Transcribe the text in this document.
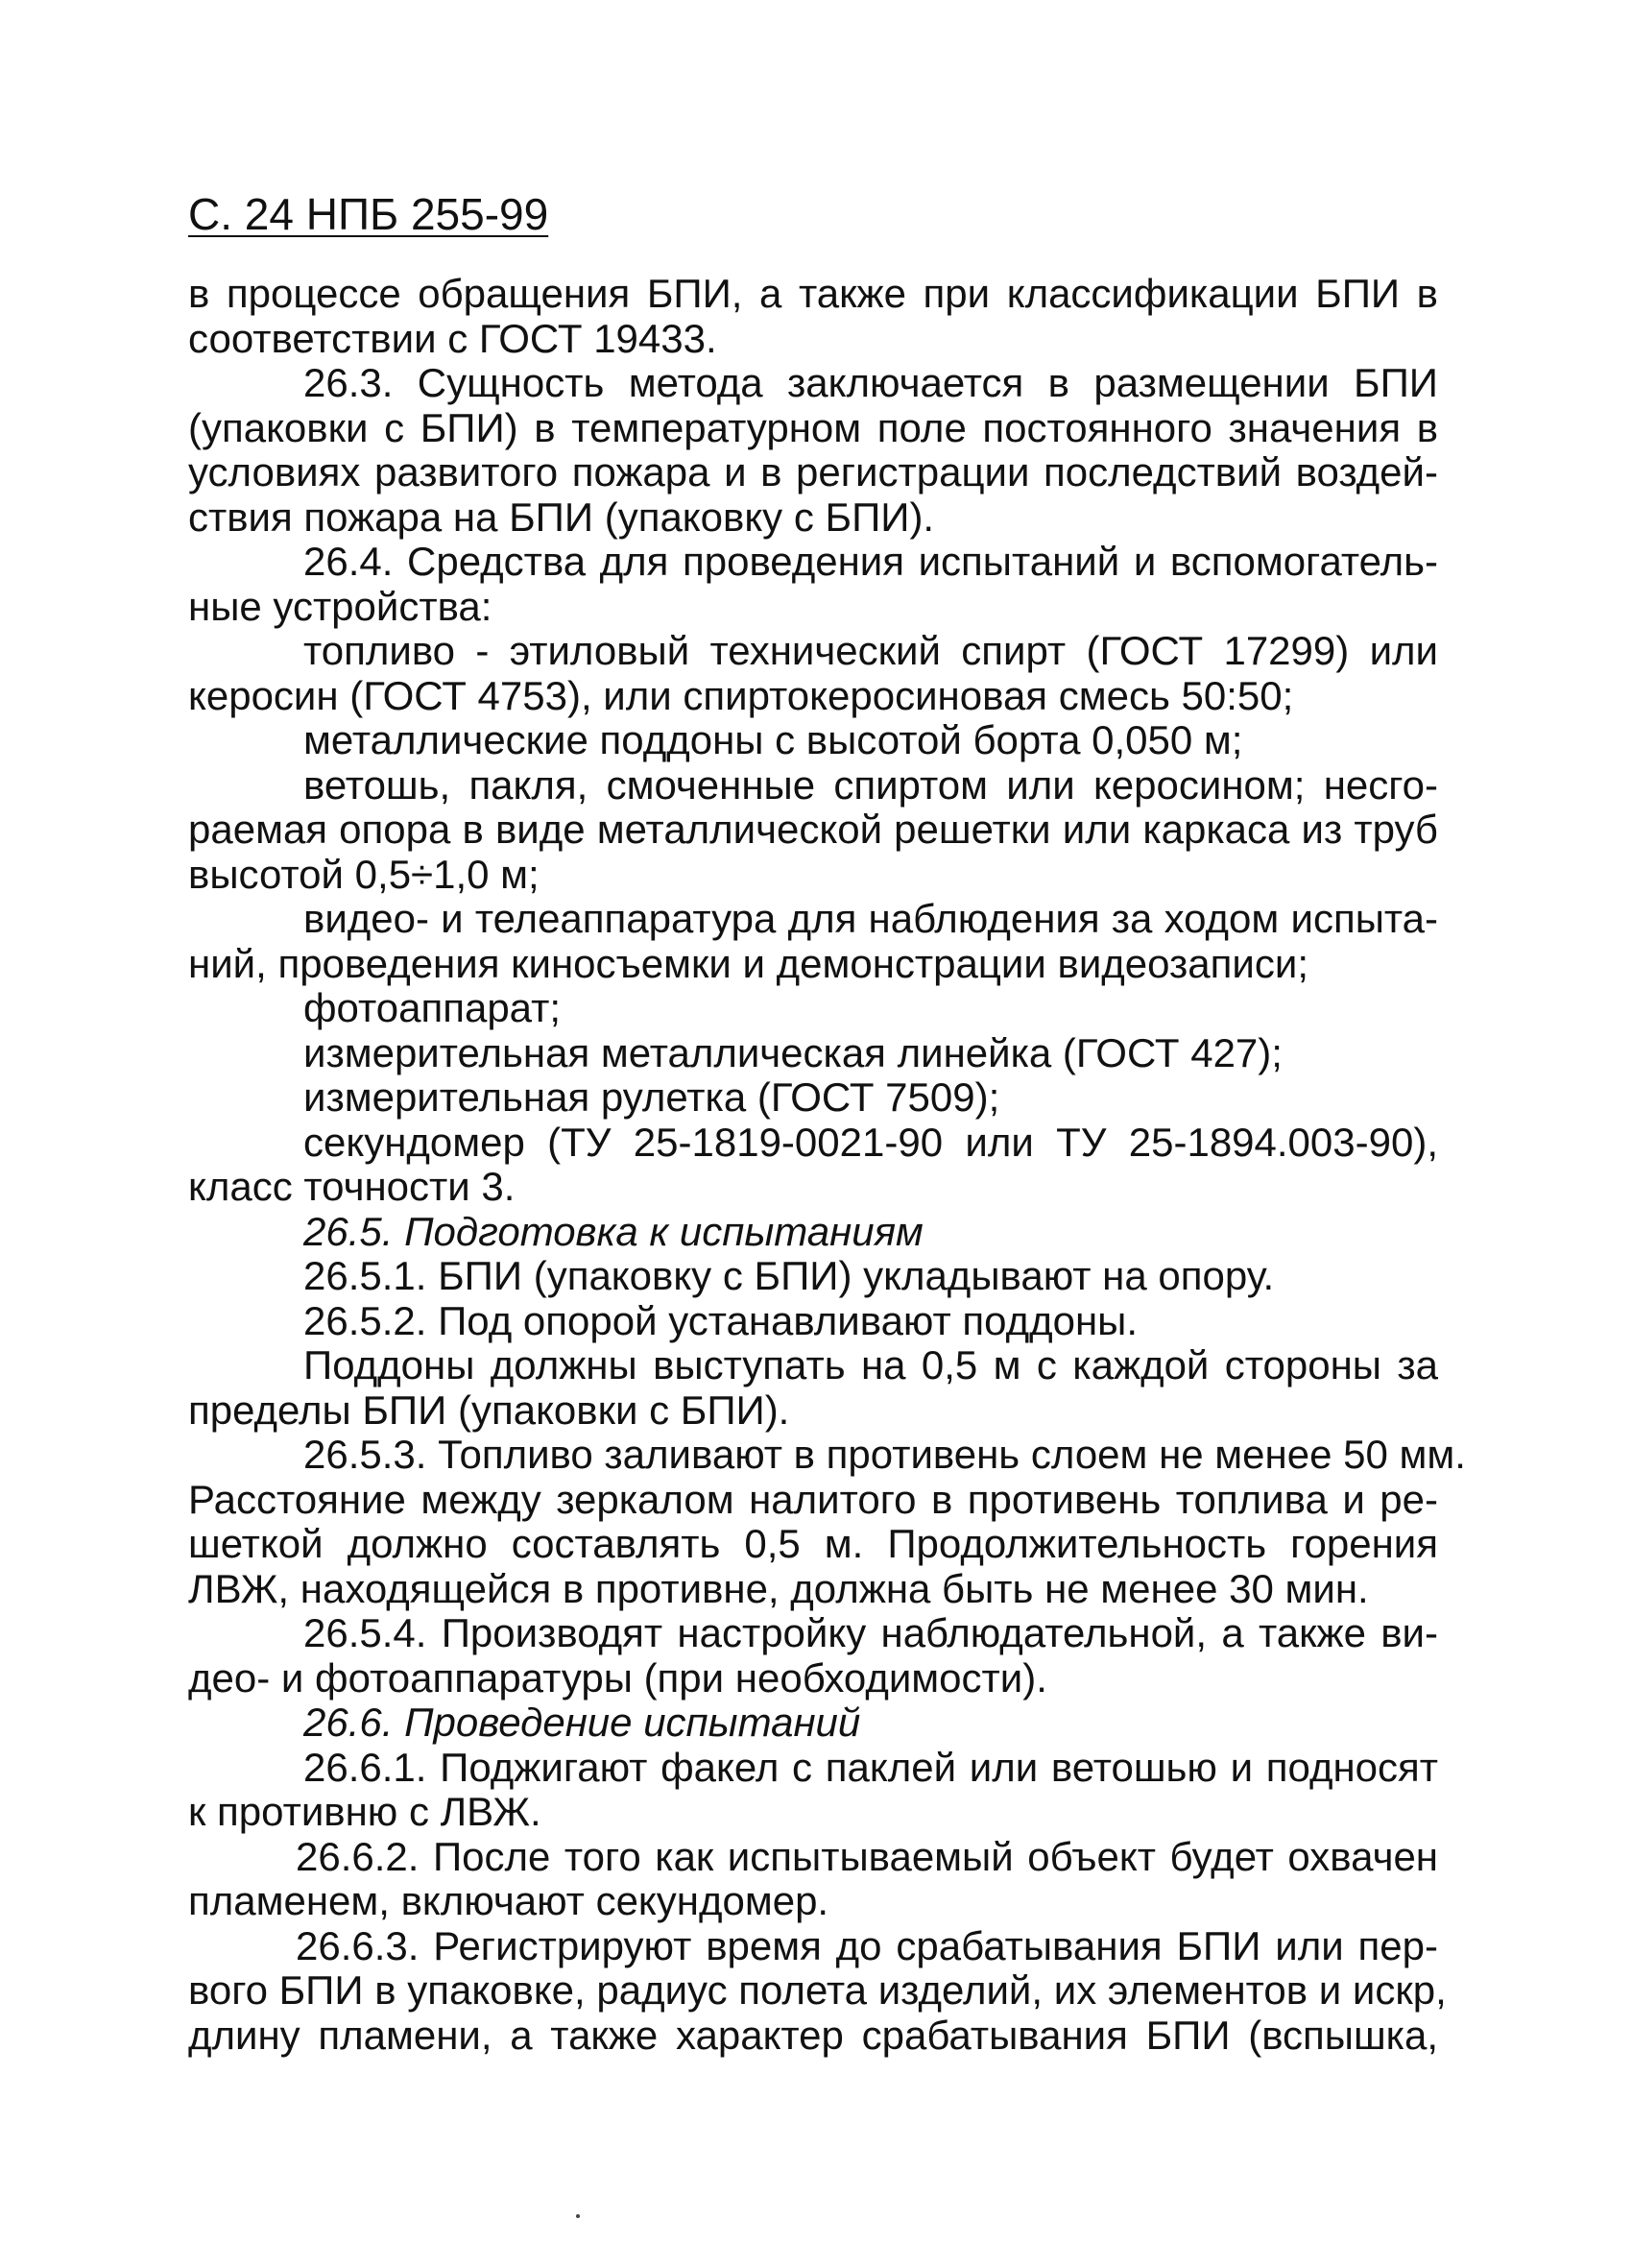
С. 24 НПБ 255-99
в процессе обращения БПИ, а также при классификации БПИ в
соответствии с ГОСТ 19433.
26.3. Сущность метода заключается в размещении БПИ
(упаковки с БПИ) в температурном поле постоянного значения в
условиях развитого пожара и в регистрации последствий воздей-
ствия пожара на БПИ (упаковку с БПИ).
26.4. Средства для проведения испытаний и вспомогатель-
ные устройства:
топливо - этиловый технический спирт (ГОСТ 17299) или
керосин (ГОСТ 4753), или спиртокеросиновая смесь 50:50;
металлические поддоны с высотой борта 0,050 м;
ветошь, пакля, смоченные спиртом или керосином; несго-
раемая опора в виде металлической решетки или каркаса из труб
высотой 0,5÷1,0 м;
видео- и телеаппаратура для наблюдения за ходом испыта-
ний, проведения киносъемки и демонстрации видеозаписи;
фотоаппарат;
измерительная металлическая линейка (ГОСТ 427);
измерительная рулетка (ГОСТ 7509);
секундомер (ТУ 25-1819-0021-90 или ТУ 25-1894.003-90),
класс точности 3.
26.5. Подготовка к испытаниям
26.5.1. БПИ (упаковку с БПИ) укладывают на опору.
26.5.2. Под опорой устанавливают поддоны.
Поддоны должны выступать на 0,5 м с каждой стороны за
пределы БПИ (упаковки с БПИ).
26.5.3. Топливо заливают в противень слоем не менее 50 мм.
Расстояние между зеркалом налитого в противень топлива и ре-
шеткой должно составлять 0,5 м. Продолжительность горения
ЛВЖ, находящейся в противне, должна быть не менее 30 мин.
26.5.4. Производят настройку наблюдательной, а также ви-
део- и фотоаппаратуры (при необходимости).
26.6. Проведение испытаний
26.6.1. Поджигают факел с паклей или ветошью и подносят
к противню с ЛВЖ.
26.6.2. После того как испытываемый объект будет охвачен
пламенем, включают секундомер.
26.6.3. Регистрируют время до срабатывания БПИ или пер-
вого БПИ в упаковке, радиус полета изделий, их элементов и искр,
длину пламени, а также характер срабатывания БПИ (вспышка,
